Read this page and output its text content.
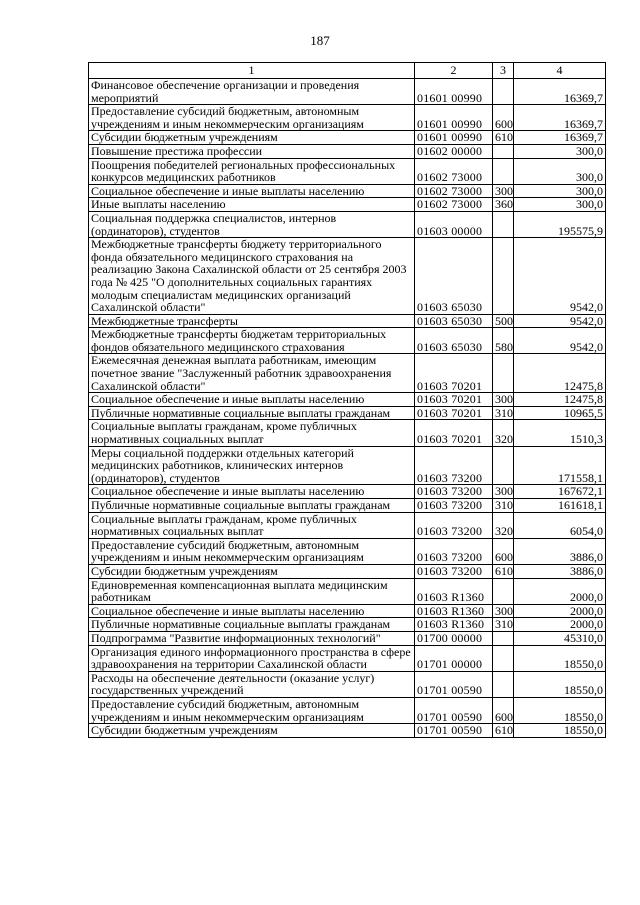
187
1	2	3	4
Финансовое обеспечение организации и проведения мероприятий	01601 00990		16369,7
Предоставление субсидий бюджетным, автономным учреждениям и иным некоммерческим организациям	01601 00990	600	16369,7
Субсидии бюджетным учреждениям	01601 00990	610	16369,7
Повышение престижа профессии	01602 00000		300,0
Поощрения победителей региональных профессиональных конкурсов медицинских работников	01602 73000		300,0
Социальное обеспечение и иные выплаты населению	01602 73000	300	300,0
Иные выплаты населению	01602 73000	360	300,0
Социальная поддержка специалистов, интернов (ординаторов), студентов	01603 00000		195575,9
Межбюджетные трансферты бюджету территориального фонда обязательного медицинского страхования на реализацию Закона Сахалинской области от 25 сентября 2003 года № 425 "О дополнительных социальных гарантиях молодым специалистам медицинских организаций Сахалинской области"	01603 65030		9542,0
Межбюджетные трансферты	01603 65030	500	9542,0
Межбюджетные трансферты бюджетам территориальных фондов обязательного медицинского страхования	01603 65030	580	9542,0
Ежемесячная денежная выплата работникам, имеющим почетное звание "Заслуженный работник здравоохранения Сахалинской области"	01603 70201		12475,8
Социальное обеспечение и иные выплаты населению	01603 70201	300	12475,8
Публичные нормативные социальные выплаты гражданам	01603 70201	310	10965,5
Социальные выплаты гражданам, кроме публичных нормативных социальных выплат	01603 70201	320	1510,3
Меры социальной поддержки отдельных категорий медицинских работников, клинических интернов (ординаторов), студентов	01603 73200		171558,1
Социальное обеспечение и иные выплаты населению	01603 73200	300	167672,1
Публичные нормативные социальные выплаты гражданам	01603 73200	310	161618,1
Социальные выплаты гражданам, кроме публичных нормативных социальных выплат	01603 73200	320	6054,0
Предоставление субсидий бюджетным, автономным учреждениям и иным некоммерческим организациям	01603 73200	600	3886,0
Субсидии бюджетным учреждениям	01603 73200	610	3886,0
Единовременная компенсационная выплата медицинским работникам	01603 R1360		2000,0
Социальное обеспечение и иные выплаты населению	01603 R1360	300	2000,0
Публичные нормативные социальные выплаты гражданам	01603 R1360	310	2000,0
Подпрограмма "Развитие информационных технологий"	01700 00000		45310,0
Организация единого информационного пространства в сфере здравоохранения на территории Сахалинской области	01701 00000		18550,0
Расходы на обеспечение деятельности (оказание услуг) государственных учреждений	01701 00590		18550,0
Предоставление субсидий бюджетным, автономным учреждениям и иным некоммерческим организациям	01701 00590	600	18550,0
Субсидии бюджетным учреждениям	01701 00590	610	18550,0
